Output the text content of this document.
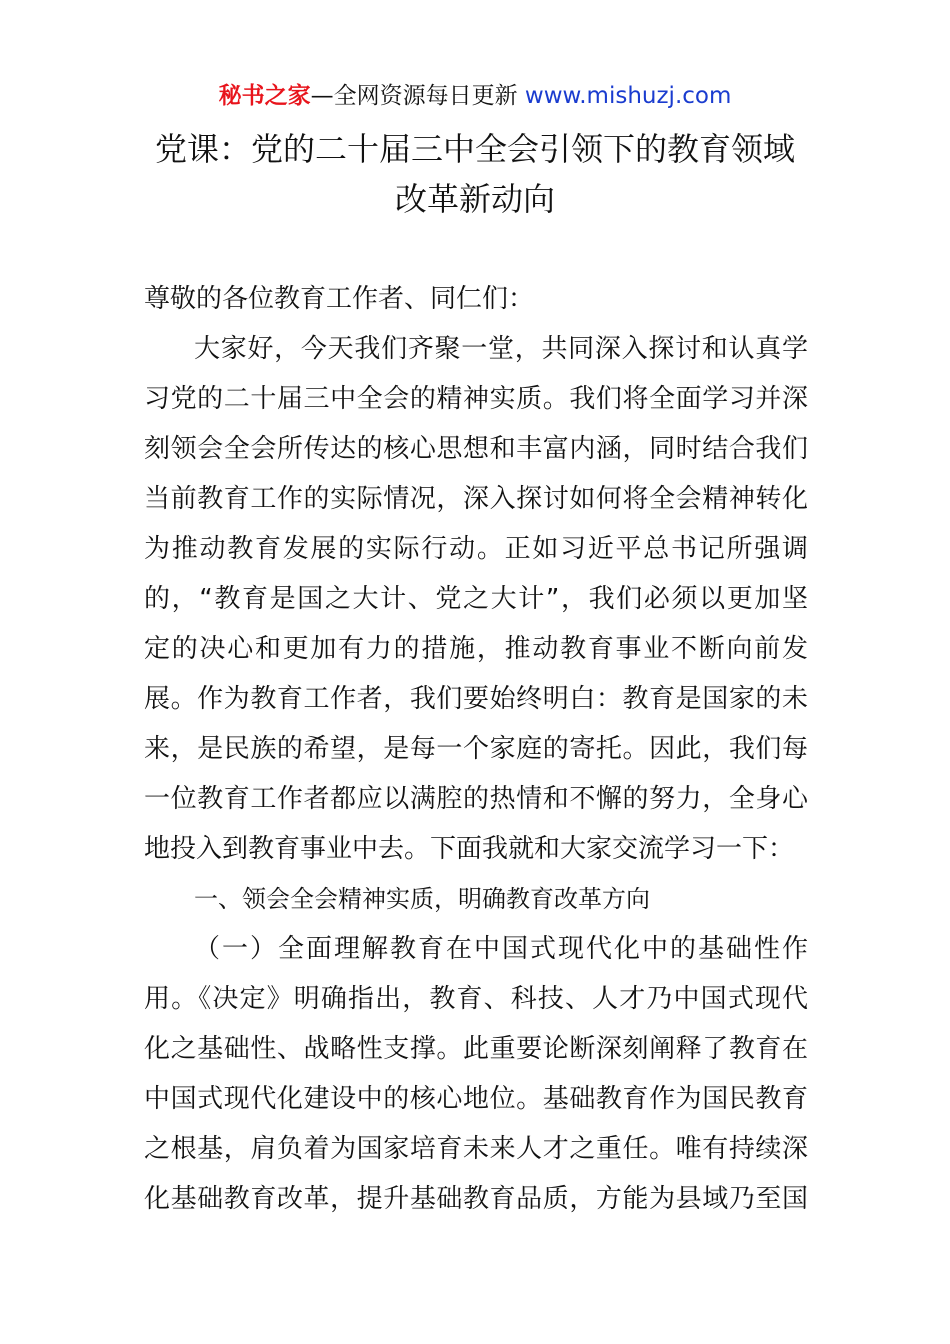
秘书之家—全网资源每日更新 www.mishuzj.com
党课：党的二十届三中全会引领下的教育领域
改革新动向
尊敬的各位教育工作者、同仁们：
大家好，今天我们齐聚一堂，共同深入探讨和认真学
习党的二十届三中全会的精神实质。我们将全面学习并深
刻领会全会所传达的核心思想和丰富内涵，同时结合我们
当前教育工作的实际情况，深入探讨如何将全会精神转化
为推动教育发展的实际行动。正如习近平总书记所强调
的，“教育是国之大计、党之大计”，我们必须以更加坚
定的决心和更加有力的措施，推动教育事业不断向前发
展。作为教育工作者，我们要始终明白：教育是国家的未
来，是民族的希望，是每一个家庭的寄托。因此，我们每
一位教育工作者都应以满腔的热情和不懈的努力，全身心
地投入到教育事业中去。下面我就和大家交流学习一下：
一、领会全会精神实质，明确教育改革方向
（一）全面理解教育在中国式现代化中的基础性作
用。《决定》明确指出，教育、科技、人才乃中国式现代
化之基础性、战略性支撑。此重要论断深刻阐释了教育在
中国式现代化建设中的核心地位。基础教育作为国民教育
之根基，肩负着为国家培育未来人才之重任。唯有持续深
化基础教育改革，提升基础教育品质，方能为县域乃至国
